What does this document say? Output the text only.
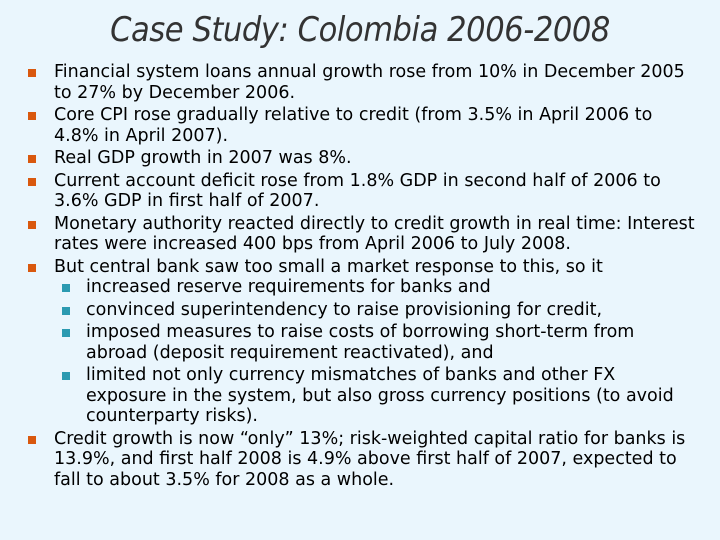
Case Study: Colombia 2006-2008
Financial system loans annual growth rose from 10% in December 2005 to 27% by December 2006.
Core CPI rose gradually relative to credit (from 3.5% in April 2006 to 4.8% in April 2007).
Real GDP growth in 2007 was 8%.
Current account deficit rose from 1.8% GDP in second half of 2006 to 3.6% GDP in first half of 2007.
Monetary authority reacted directly to credit growth in real time: Interest rates were increased 400 bps from April 2006 to July 2008.
But central bank saw too small a market response to this, so it
increased reserve requirements for banks and
convinced superintendency to raise provisioning for credit,
imposed measures to raise costs of borrowing short-term from abroad (deposit requirement reactivated), and
limited not only currency mismatches of banks and other FX exposure in the system, but also gross currency positions (to avoid counterparty risks).
Credit growth is now “only” 13%; risk-weighted capital ratio for banks is 13.9%, and first half 2008 is 4.9% above first half of 2007, expected to fall to about 3.5% for 2008 as a whole.
